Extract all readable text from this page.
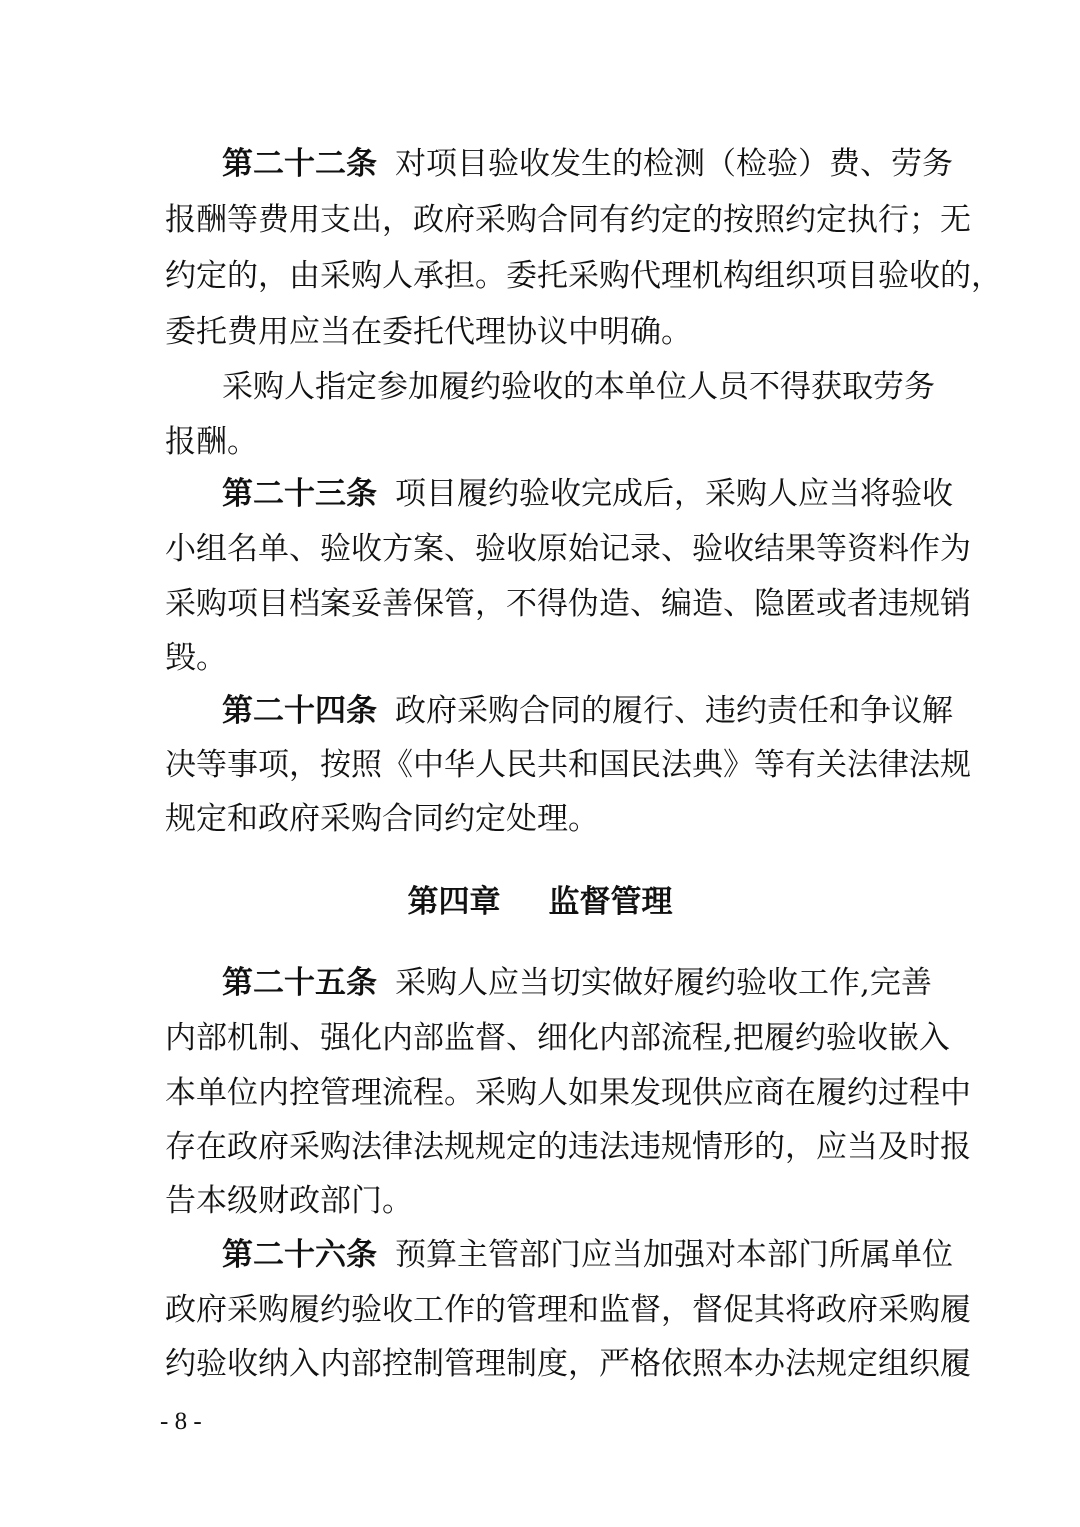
第二十二条 对项目验收发生的检测（检验）费、劳务
报酬等费用支出，政府采购合同有约定的按照约定执行；无
约定的，由采购人承担。委托采购代理机构组织项目验收的，
委托费用应当在委托代理协议中明确。
采购人指定参加履约验收的本单位人员不得获取劳务
报酬。
第二十三条 项目履约验收完成后，采购人应当将验收
小组名单、验收方案、验收原始记录、验收结果等资料作为
采购项目档案妥善保管，不得伪造、编造、隐匿或者违规销
毁。
第二十四条 政府采购合同的履行、违约责任和争议解
决等事项，按照《中华人民共和国民法典》等有关法律法规
规定和政府采购合同约定处理。
第四章 监督管理
第二十五条 采购人应当切实做好履约验收工作,完善
内部机制、强化内部监督、细化内部流程,把履约验收嵌入
本单位内控管理流程。采购人如果发现供应商在履约过程中
存在政府采购法律法规规定的违法违规情形的，应当及时报
告本级财政部门。
第二十六条 预算主管部门应当加强对本部门所属单位
政府采购履约验收工作的管理和监督，督促其将政府采购履
约验收纳入内部控制管理制度，严格依照本办法规定组织履
- 8 -
